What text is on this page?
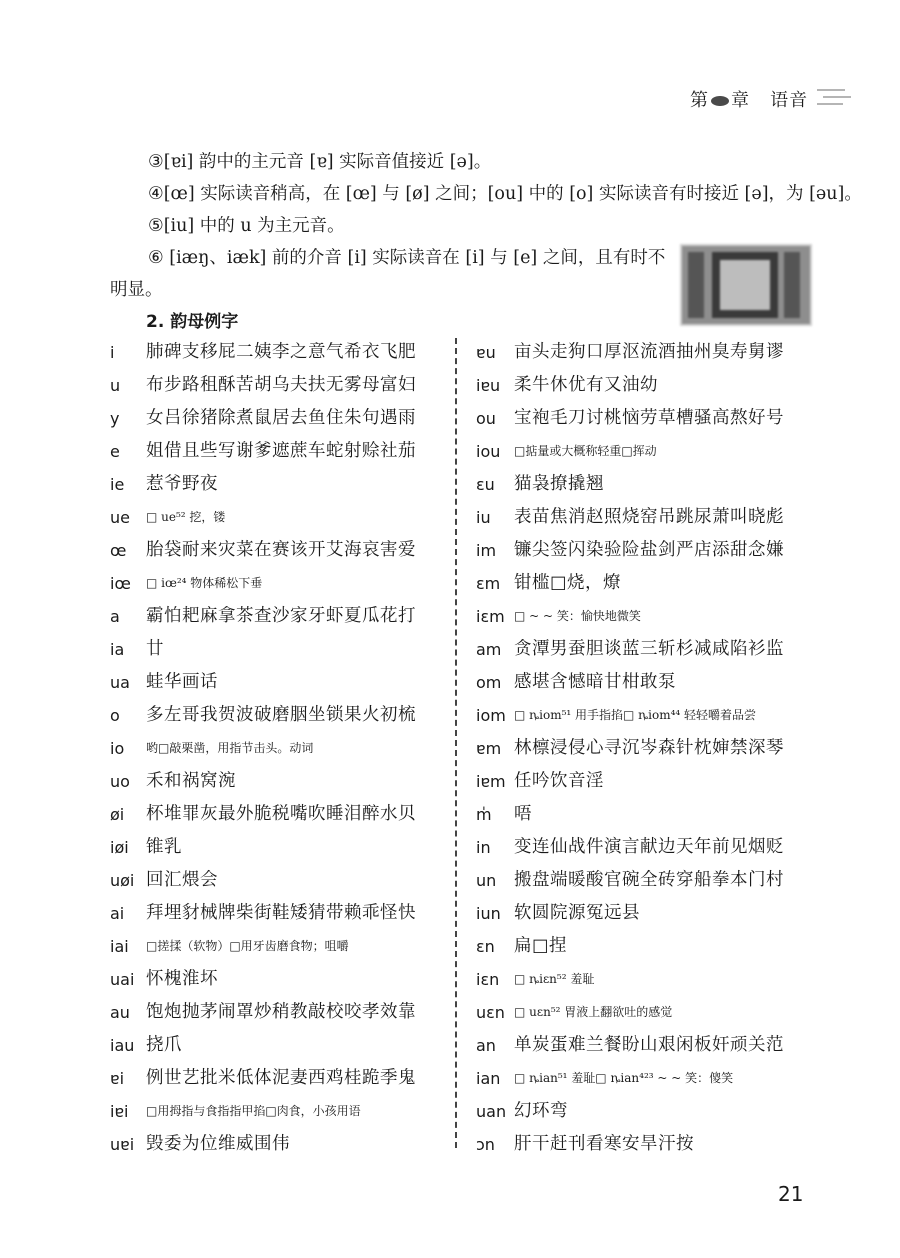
第 章 语音
③[ɐi] 韵中的主元音 [ɐ] 实际音值接近 [ə]。
④[œ] 实际读音稍高，在 [œ] 与 [ø] 之间；[ou] 中的 [o] 实际读音有时接近 [ə]，为 [əu]。
⑤[iu] 中的 u 为主元音。
⑥ [iæŋ、iæk] 前的介音 [i] 实际读音在 [i] 与 [e] 之间，且有时不
明显。
2. 韵母例字
i 肺碑支移屁二姨李之意气希衣飞肥
u 布步路租酥苦胡乌夫扶无雾母富妇
y 女吕徐猪除煮鼠居去鱼住朱句遇雨
e 姐借且些写谢爹遮蔗车蛇射赊社茄
ie 惹爷野夜
ue □ ue⁵² 挖，镂
œ 胎袋耐来灾菜在赛该开艾海哀害爱
iœ □ iœ²⁴ 物体稀松下垂
a 霸怕耙麻拿茶查沙家牙虾夏瓜花打
ia 廿
ua 蛙华画话
o 多左哥我贺波破磨胭坐锁果火初梳
io 哟□敲栗凿，用指节击头。动词
uo 禾和祸窝涴
øi 杯堆罪灰最外脆税嘴吹睡泪醉水贝
iøi 锥乳
uøi 回汇煨会
ai 拜埋豺械牌柴街鞋矮猜带赖乖怪快
iai □搓揉（软物）□用牙齿磨食物；咀嚼
uai 怀槐淮坏
au 饱炮抛茅闹罩炒稍教敲校咬孝效靠
iau 挠爪
ɐi 例世艺批米低体泥妻西鸡桂跪季鬼
iɐi □用拇指与食指指甲掐□肉食，小孩用语
uɐi 毁委为位维威围伟
ɐu 亩头走狗口厚沤流酒抽州臭寿舅谬
iɐu 柔牛休优有又油幼
ou 宝袍毛刀讨桃恼劳草槽骚高熬好号
iou □掂量或大概称轻重□挥动
ɛu 猫袅撩撬翘
iu 表苗焦消赵照烧窑吊跳尿萧叫晓彪
im 镰尖签闪染验险盐剑严店添甜念嫌
ɛm 钳槛□烧，燎
iɛm □ ~ ~ 笑：愉快地微笑
am 贪潭男蚕胆谈蓝三斩杉减咸陷衫监
om 感堪含憾暗甘柑敢泵
iom □ ȵiom⁵¹ 用手指掐□ ȵiom⁴⁴ 轻轻嚼着品尝
ɐm 林檩浸侵心寻沉岑森针枕婶禁深琴
iɐm 任吟饮音淫
m̍ 唔
in 变连仙战件演言献边天年前见烟贬
un 搬盘端暖酸官碗全砖穿船拳本门村
iun 软圆院源冤远县
ɛn 扁□捏
iɛn □ ȵiɛn⁵² 羞耻
uɛn □ uɛn⁵² 胃液上翻欲吐的感觉
an 单炭蛋难兰餐盼山艰闲板奸顽关范
ian □ ȵian⁵¹ 羞耻□ ȵian⁴²³ ~ ~ 笑：傻笑
uan 幻环弯
ɔn 肝干赶刊看寒安旱汗按
21
